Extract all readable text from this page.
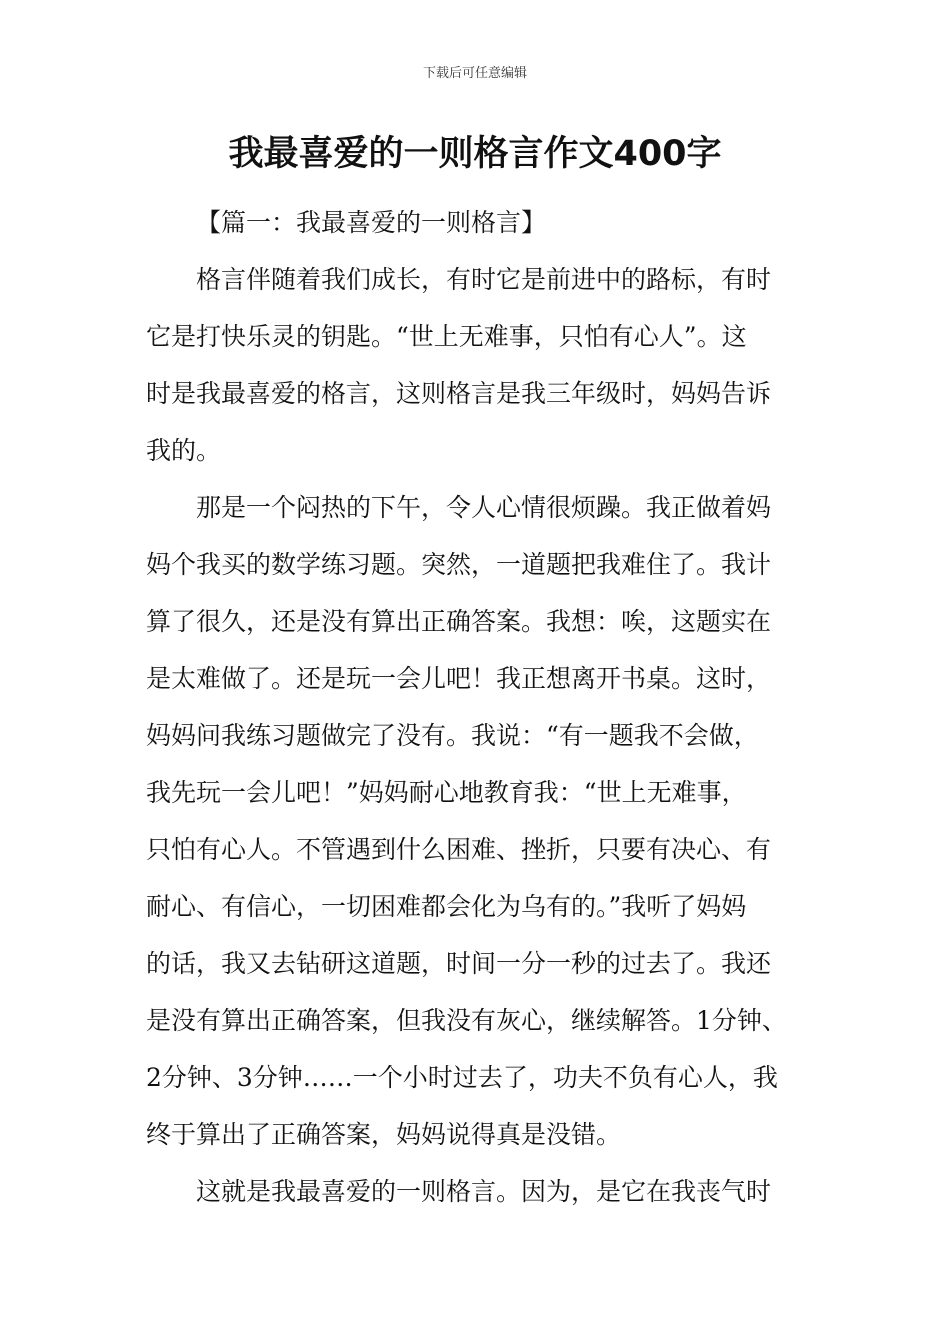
下载后可任意编辑
我最喜爱的一则格言作文400字
【篇一：我最喜爱的一则格言】
格言伴随着我们成长，有时它是前进中的路标，有时
它是打快乐灵的钥匙。“世上无难事，只怕有心人”。这
时是我最喜爱的格言，这则格言是我三年级时，妈妈告诉
我的。
那是一个闷热的下午，令人心情很烦躁。我正做着妈
妈个我买的数学练习题。突然，一道题把我难住了。我计
算了很久，还是没有算出正确答案。我想：唉，这题实在
是太难做了。还是玩一会儿吧！我正想离开书桌。这时，
妈妈问我练习题做完了没有。我说：“有一题我不会做，
我先玩一会儿吧！”妈妈耐心地教育我：“世上无难事，
只怕有心人。不管遇到什么困难、挫折，只要有决心、有
耐心、有信心，一切困难都会化为乌有的。”我听了妈妈
的话，我又去钻研这道题，时间一分一秒的过去了。我还
是没有算出正确答案，但我没有灰心，继续解答。1分钟、
2分钟、3分钟……一个小时过去了，功夫不负有心人，我
终于算出了正确答案，妈妈说得真是没错。
这就是我最喜爱的一则格言。因为，是它在我丧气时
